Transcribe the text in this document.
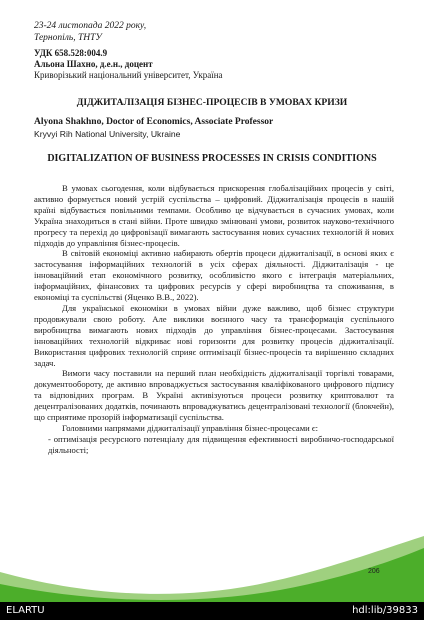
23-24 листопада 2022 року,
Тернопіль, ТНТУ
УДК 658.528:004.9
Альона Шахно, д.е.н., доцент
Криворізький національний університет, Україна
ДІДЖИТАЛІЗАЦІЯ БІЗНЕС-ПРОЦЕСІВ В УМОВАХ КРИЗИ
Alyona Shakhno, Doctor of Economics, Associate Professor
Kryvyi Rih National University, Ukraine
DIGITALIZATION OF BUSINESS PROCESSES IN CRISIS CONDITIONS

В умовах сьогодення, коли відбувається прискорення глобалізаційних процесів у світі, активно формується новий устрій суспільства – цифровий. Діджиталізація процесів в нашій країні відбувається повільними темпами. Особливо це відчувається в сучасних умовах, коли Україна знаходиться в стані війни. Проте швидко змінювані умови, розвиток науково-технічного прогресу та перехід до цифровізації вимагають застосування нових сучасних технологій й нових підходів до управління бізнес-процесів.

В світовій економіці активно набирають обертів процеси діджиталізації, в основі яких є застосування інформаційних технологій в усіх сферах діяльності. Діджиталізація - це інноваційний етап економічного розвитку, особливістю якого є інтеграція матеріальних, інформаційних, фінансових та цифрових ресурсів у сфері виробництва та споживання, в економіці та суспільстві (Яценко В.В., 2022).

Для української економіки в умовах війни дуже важливо, щоб бізнес структури продовжували свою роботу. Але виклики воєнного часу та трансформація суспільного виробництва вимагають нових підходів до управління бізнес-процесами. Застосування інноваційних технологій відкриває нові горизонти для розвитку процесів діджиталізації. Використання цифрових технологій сприяє оптимізації бізнес-процесів та вирішенню складних задач.

Вимоги часу поставили на перший план необхідність діджиталізації торгівлі товарами, документообороту, де активно впроваджується застосування кваліфікованого цифрового підпису та відповідних програм. В Україні активізуються процеси розвитку криптовалют та децентралізованих додатків, починають впроваджуватись децентралізовані технології (блокчейн), що сприятиме прозорій інформатизації суспільства.

Головними напрямами діджиталізації управління бізнес-процесами є:

- оптимізація ресурсного потенціалу для підвищення ефективності виробничо-господарської діяльності;

206
ELARTU	hdl:lib/39833
